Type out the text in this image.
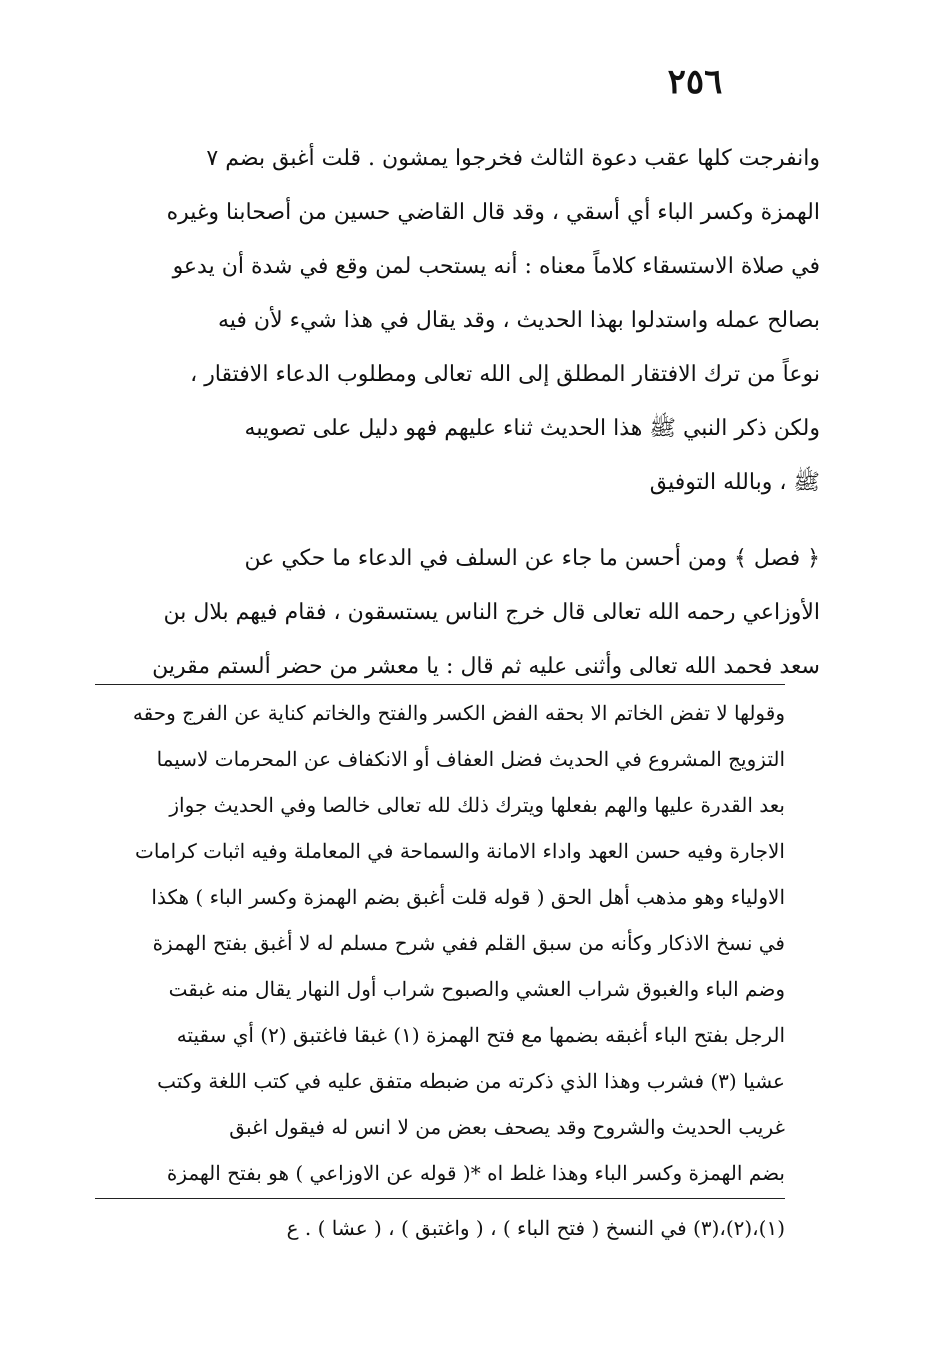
٢٥٦
وانفرجت كلها عقب دعوة الثالث فخرجوا يمشون . قلت أغبق بضم ٧
الهمزة وكسر الباء أي أسقي ، وقد قال القاضي حسين من أصحابنا وغيره
في صلاة الاستسقاء كلاماً معناه : أنه يستحب لمن وقع في شدة أن يدعو
بصالح عمله واستدلوا بهذا الحديث ، وقد يقال في هذا شيء لأن فيه
نوعاً من ترك الافتقار المطلق إلى الله تعالى ومطلوب الدعاء الافتقار ،
ولكن ذكر النبي ﷺ هذا الحديث ثناء عليهم فهو دليل على تصويبه
ﷺ ، وبالله التوفيق
﴿ فصل ﴾ ومن أحسن ما جاء عن السلف في الدعاء ما حكي عن
الأوزاعي رحمه الله تعالى قال خرج الناس يستسقون ، فقام فيهم بلال بن
سعد فحمد الله تعالى وأثنى عليه ثم قال : يا معشر من حضر ألستم مقرين
وقولها لا تفض الخاتم الا بحقه الفض الكسر والفتح والخاتم كناية عن الفرج وحقه
التزويج المشروع في الحديث فضل العفاف أو الانكفاف عن المحرمات لاسيما
بعد القدرة عليها والهم بفعلها ويترك ذلك لله تعالى خالصا وفي الحديث جواز
الاجارة وفيه حسن العهد واداء الامانة والسماحة في المعاملة وفيه اثبات كرامات
الاولياء وهو مذهب أهل الحق ( قوله قلت أغبق بضم الهمزة وكسر الباء ) هكذا
في نسخ الاذكار وكأنه من سبق القلم ففي شرح مسلم له لا أغبق بفتح الهمزة
وضم الباء والغبوق شراب العشي والصبوح شراب أول النهار يقال منه غبقت
الرجل بفتح الباء أغبقه بضمها مع فتح الهمزة (١) غبقا فاغتبق (٢) أي سقيته
عشيا (٣) فشرب وهذا الذي ذكرته من ضبطه متفق عليه في كتب اللغة وكتب
غريب الحديث والشروح وقد يصحف بعض من لا انس له فيقول اغبق
بضم الهمزة وكسر الباء وهذا غلط اه *( قوله عن الاوزاعي ) هو بفتح الهمزة
(١)،(٢)،(٣) في النسخ ( فتح الباء ) ، ( واغتبق ) ، ( عشا ) . ع
